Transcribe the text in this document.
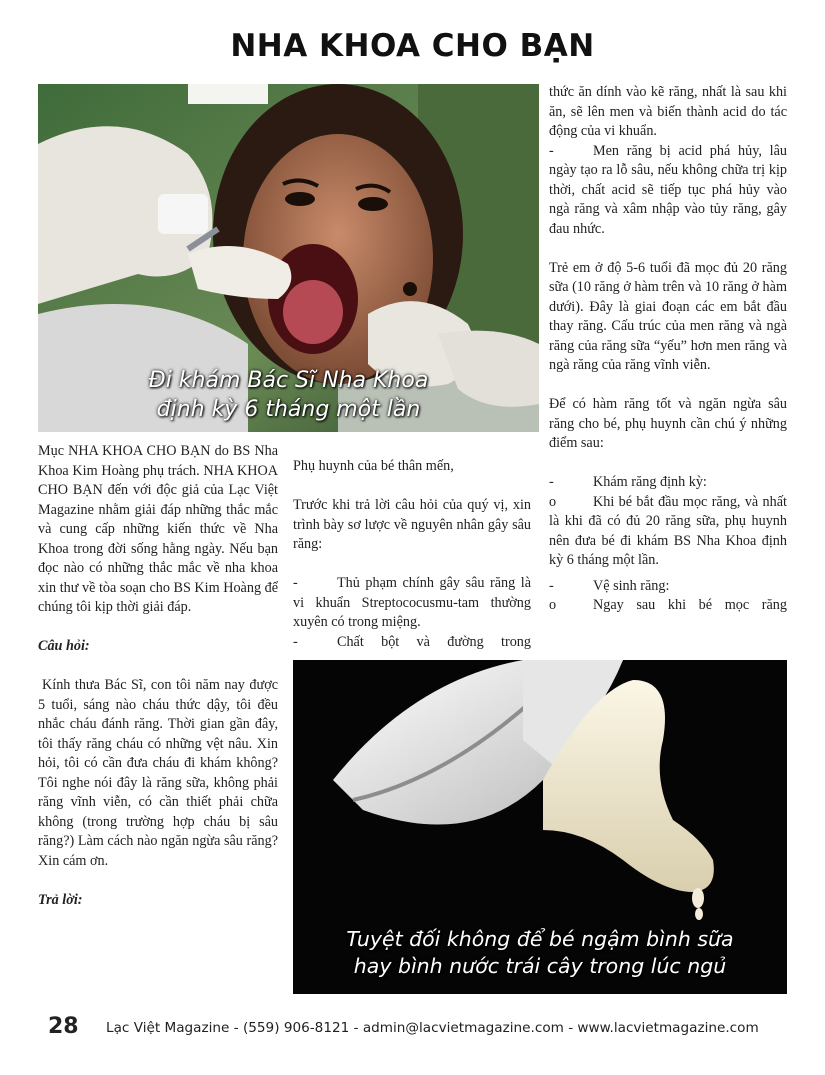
NHA KHOA CHO BẠN
Đi khám Bác Sĩ Nha Khoa
định kỳ 6 tháng một lần

Mục NHA KHOA CHO BẠN do BS Nha Khoa Kim Hoàng phụ trách. NHA KHOA CHO BẠN đến với độc giả của Lạc Việt Magazine nhằm giải đáp những thắc mắc và cung cấp những kiến thức về Nha Khoa trong đời sống hằng ngày. Nếu bạn đọc nào có những thắc mắc về nha khoa xin thư về tòa soạn cho BS Kim Hoàng để chúng tôi kịp thời giải đáp.

Câu hỏi:

Kính thưa Bác Sĩ, con tôi năm nay được 5 tuổi, sáng nào cháu thức dậy, tôi đều nhắc cháu đánh răng. Thời gian gần đây, tôi thấy răng cháu có những vệt nâu. Xin hỏi, tôi có cần đưa cháu đi khám không? Tôi nghe nói đây là răng sữa, không phải răng vĩnh viễn, có cần thiết phải chữa không (trong trường hợp cháu bị sâu răng?) Làm cách nào ngăn ngừa sâu răng? Xin cám ơn.

Trả lời:

Phụ huynh của bé thân mến,

Trước khi trả lời câu hỏi của quý vị, xin trình bày sơ lược về nguyên nhân gây sâu răng:

-	Thủ phạm chính gây sâu răng là vi khuẩn Streptococusmu-tam thường xuyên có trong miệng.

-	Chất bột và đường trong

thức ăn dính vào kẽ răng, nhất là sau khi ăn, sẽ lên men và biến thành acid do tác động của vi khuẩn.

-	Men răng bị acid phá hủy, lâu ngày tạo ra lỗ sâu, nếu không chữa trị kịp thời, chất acid sẽ tiếp tục phá hủy vào ngà răng và xâm nhập vào tủy răng, gây đau nhức.

Trẻ em ở độ 5-6 tuổi đã mọc đủ 20 răng sữa (10 răng ở hàm trên và 10 răng ở hàm dưới). Đây là giai đoạn các em bắt đầu thay răng. Cấu trúc của men răng và ngà răng của răng sữa “yếu” hơn men răng và ngà răng của răng vĩnh viễn.

Để có hàm răng tốt và ngăn ngừa sâu răng cho bé, phụ huynh cần chú ý những điểm sau:

-	Khám răng định kỳ:

o	Khi bé bắt đầu mọc răng, và nhất là khi đã có đủ 20 răng sữa, phụ huynh nên đưa bé đi khám BS Nha Khoa định kỳ 6 tháng một lần.

-	Vệ sinh răng:

o	Ngay sau khi bé mọc răng

Tuyệt đối không để bé ngậm bình sữa
hay bình nước trái cây trong lúc ngủ
28 Lạc Việt Magazine - (559) 906-8121 - admin@lacvietmagazine.com - www.lacvietmagazine.com
